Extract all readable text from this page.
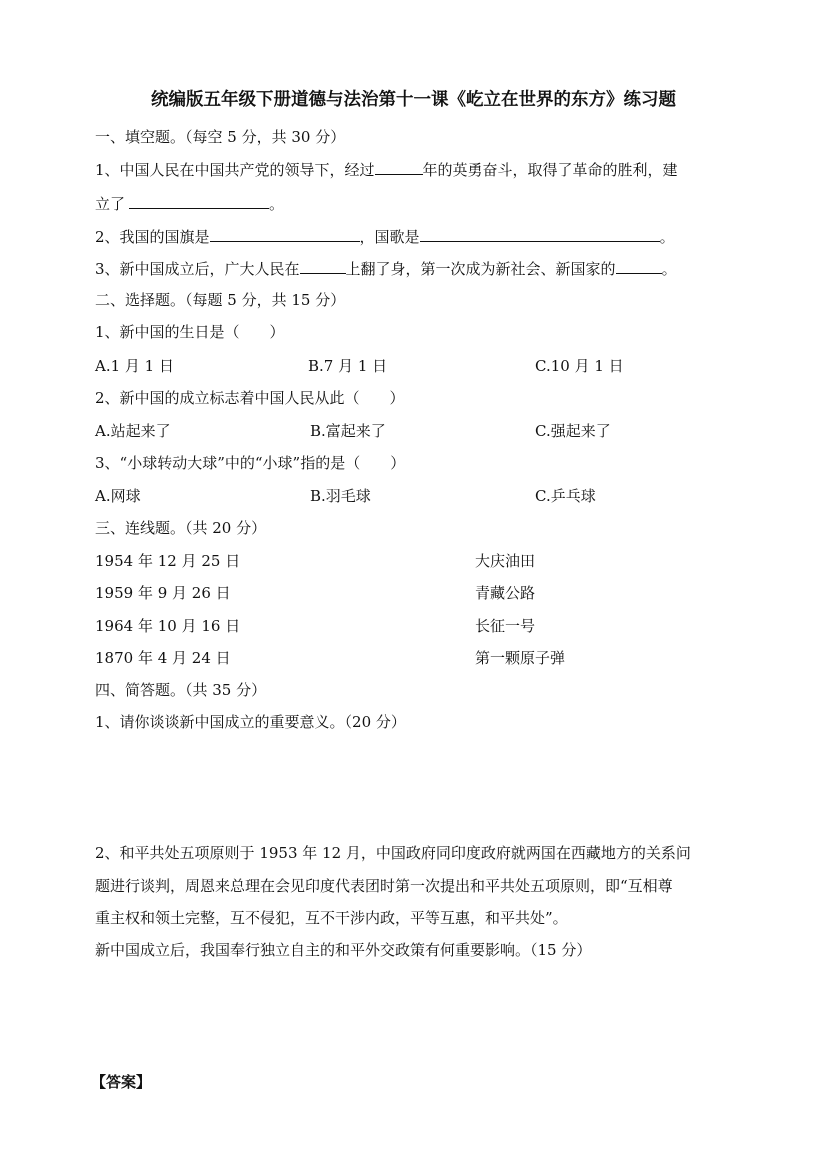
统编版五年级下册道德与法治第十一课《屹立在世界的东方》练习题
一、填空题。（每空 5 分，共 30 分）
1、中国人民在中国共产党的领导下，经过	年的英勇奋斗，取得了革命的胜利，建
立了	。
2、我国的国旗是	，国歌是	。
3、新中国成立后，广大人民在	上翻了身，第一次成为新社会、新国家的	。
二、选择题。（每题 5 分，共 15 分）
1、新中国的生日是（　　）
A.1 月 1 日	B.7 月 1 日	C.10 月 1 日
2、新中国的成立标志着中国人民从此（　　）
A.站起来了	B.富起来了	C.强起来了
3、“小球转动大球”中的“小球”指的是（　　）
A.网球	B.羽毛球	C.乒乓球
三、连线题。（共 20 分）
1954 年 12 月 25 日	大庆油田
1959 年 9 月 26 日	青藏公路
1964 年 10 月 16 日	长征一号
1870 年 4 月 24 日	第一颗原子弹
四、简答题。（共 35 分）
1、请你谈谈新中国成立的重要意义。（20 分）
2、和平共处五项原则于 1953 年 12 月，中国政府同印度政府就两国在西藏地方的关系问
题进行谈判，周恩来总理在会见印度代表团时第一次提出和平共处五项原则，即“互相尊
重主权和领土完整，互不侵犯，互不干涉内政，平等互惠，和平共处”。
新中国成立后，我国奉行独立自主的和平外交政策有何重要影响。（15 分）
【答案】
